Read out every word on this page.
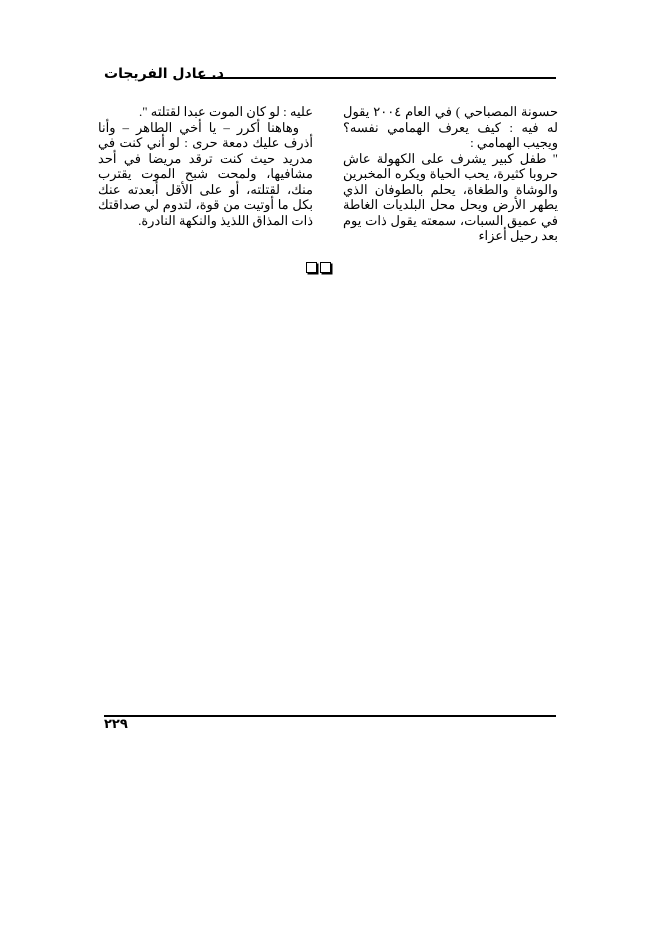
د. عادل الفريجات

حسونة المصباحي ) في العام ٢٠٠٤ يقول له فيه : كيف يعرف الهمامي نفسه؟ ويجيب الهمامي :

" طفل كبير يشرف على الكهولة عاش حروبا كثيرة، يحب الحياة ويكره المخبرين والوشاة والطغاة، يحلم بالطوفان الذي يطهر الأرض ويحل محل البلديات الغاطة في عميق السبات، سمعته يقول ذات يوم بعد رحيل أعزاء

عليه : لو كان الموت عبدا لقتلته ".

وهاهنا أكرر – يا أخي الطاهر – وأنا أذرف عليك دمعة حرى : لو أني كنت في مدريد حيث كنت ترقد مريضا في أحد مشافيها، ولمحت شبح الموت يقترب منك، لقتلته، أو على الأقل أبعدته عنك بكل ما أوتيت من قوة، لتدوم لي صداقتك ذات المذاق اللذيذ والنكهة النادرة.

٢٢٩
